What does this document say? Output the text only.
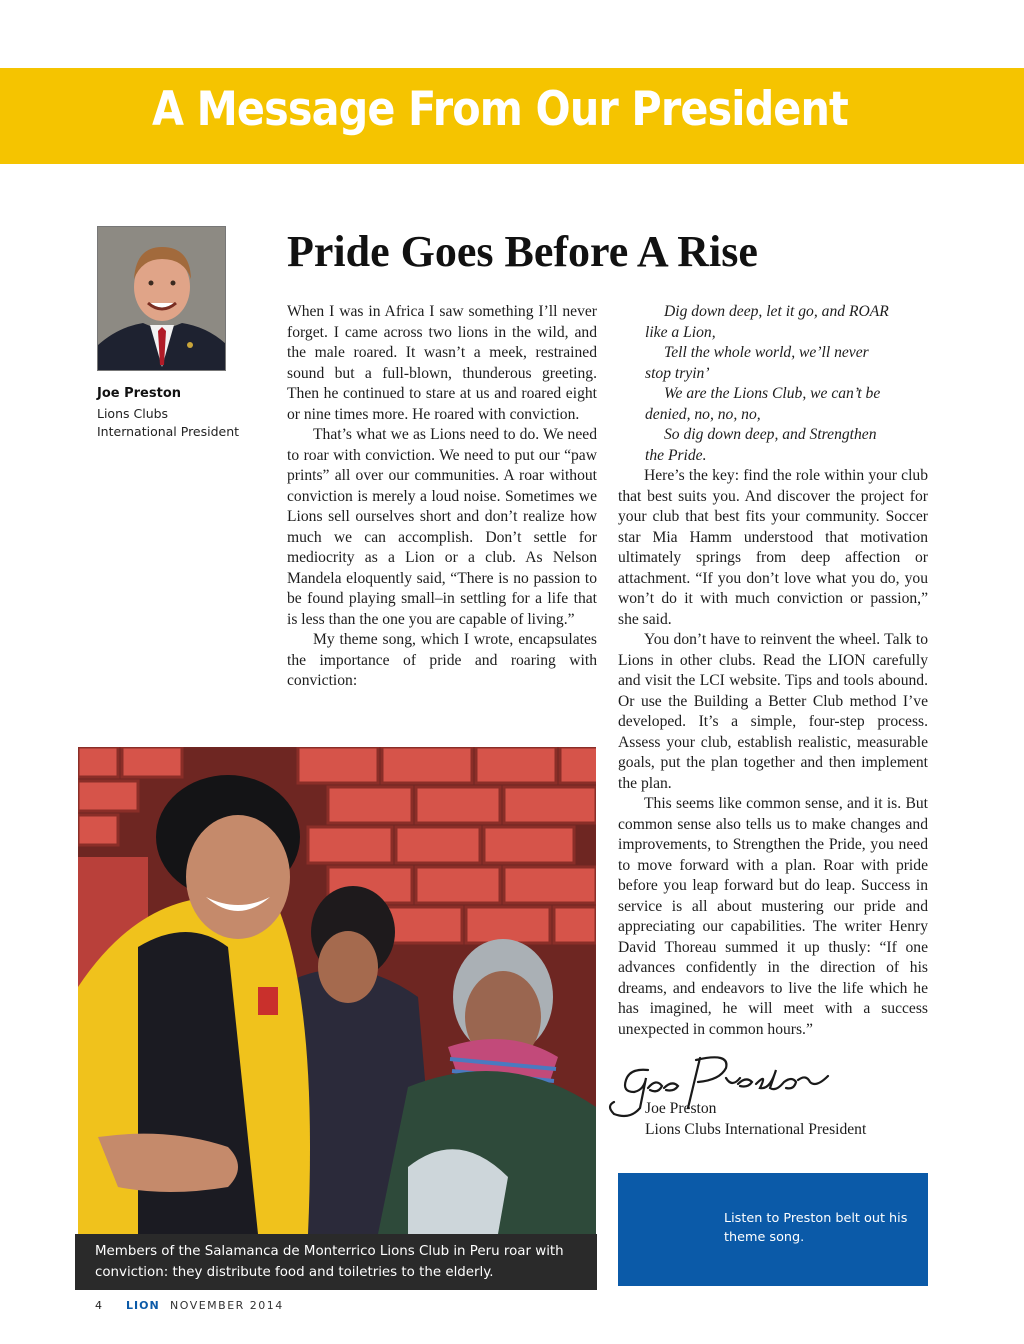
A Message From Our President
Joe Preston
Lions Clubs
International President
Pride Goes Before A Rise

When I was in Africa I saw something I’ll never forget. I came across two lions in the wild, and the male roared. It wasn’t a meek, restrained sound but a full-blown, thunderous greeting. Then he continued to stare at us and roared eight or nine times more. He roared with conviction.

That’s what we as Lions need to do. We need to roar with conviction. We need to put our “paw prints” all over our communities. A roar without conviction is merely a loud noise. Sometimes we Lions sell ourselves short and don’t realize how much we can accomplish. Don’t settle for mediocrity as a Lion or a club. As Nelson Mandela eloquently said, “There is no passion to be found playing small–in settling for a life that is less than the one you are capable of living.”

My theme song, which I wrote, encapsulates the importance of pride and roaring with conviction:

Dig down deep, let it go, and ROAR
like a Lion,
Tell the whole world, we’ll never
stop tryin’
We are the Lions Club, we can’t be
denied, no, no, no,
So dig down deep, and Strengthen
the Pride.

Here’s the key: find the role within your club that best suits you. And discover the project for your club that best fits your community. Soccer star Mia Hamm understood that motivation ultimately springs from deep affection or attachment. “If you don’t love what you do, you won’t do it with much conviction or passion,” she said.

You don’t have to reinvent the wheel. Talk to Lions in other clubs. Read the LION carefully and visit the LCI website. Tips and tools abound. Or use the Building a Better Club method I’ve developed. It’s a simple, four-step process. Assess your club, establish realistic, measurable goals, put the plan together and then implement the plan.

This seems like common sense, and it is. But common sense also tells us to make changes and improvements, to Strengthen the Pride, you need to move forward with a plan. Roar with pride before you leap forward but do leap. Success in service is all about mustering our pride and appreciating our capabilities. The writer Henry David Thoreau summed it up thusly: “If one advances confidently in the direction of his dreams, and endeavors to live the life which he has imagined, he will meet with a success unexpected in common hours.”

Members of the Salamanca de Monterrico Lions Club in Peru roar with conviction: they distribute food and toiletries to the elderly.
Joe Preston
Lions Clubs International President
Listen to Preston belt out his theme song.
4 LION NOVEMBER 2014
